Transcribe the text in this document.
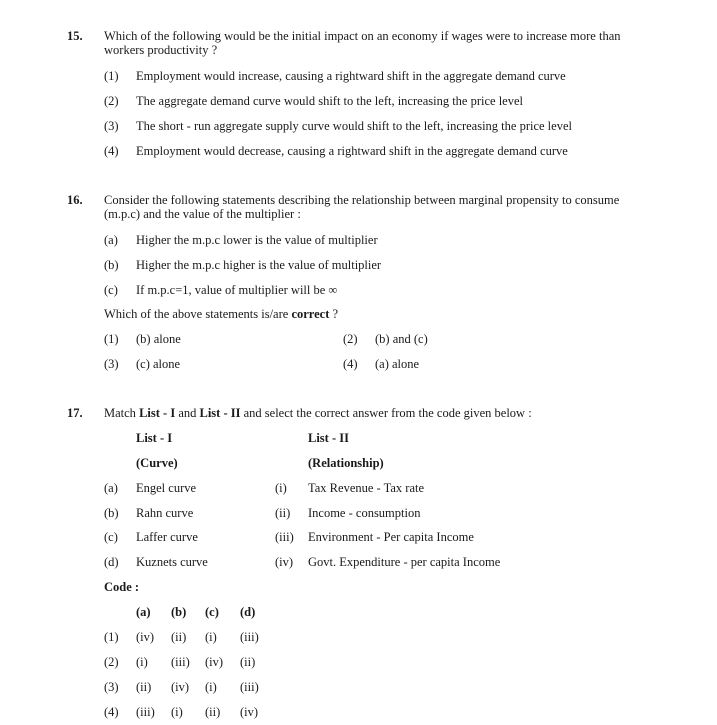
15. Which of the following would be the initial impact on an economy if wages were to increase more than workers productivity ?
(1) Employment would increase, causing a rightward shift in the aggregate demand curve
(2) The aggregate demand curve would shift to the left, increasing the price level
(3) The short - run aggregate supply curve would shift to the left, increasing the price level
(4) Employment would decrease, causing a rightward shift in the aggregate demand curve
16. Consider the following statements describing the relationship between marginal propensity to consume (m.p.c) and the value of the multiplier :
(a) Higher the m.p.c lower is the value of multiplier
(b) Higher the m.p.c higher is the value of multiplier
(c) If m.p.c=1, value of multiplier will be ∞
Which of the above statements is/are correct ?
(1) (b) alone	(2) (b) and (c)
(3) (c) alone	(4) (a) alone
17. Match List - I and List - II and select the correct answer from the code given below :
List - I	List - II
(Curve)	(Relationship)
(a) Engel curve	(i) Tax Revenue - Tax rate
(b) Rahn curve	(ii) Income - consumption
(c) Laffer curve	(iii) Environment - Per capita Income
(d) Kuznets curve	(iv) Govt. Expenditure - per capita Income
Code :
(a) (b) (c) (d)
(1) (iv) (ii) (i) (iii)
(2) (i) (iii) (iv) (ii)
(3) (ii) (iv) (i) (iii)
(4) (iii) (i) (ii) (iv)
